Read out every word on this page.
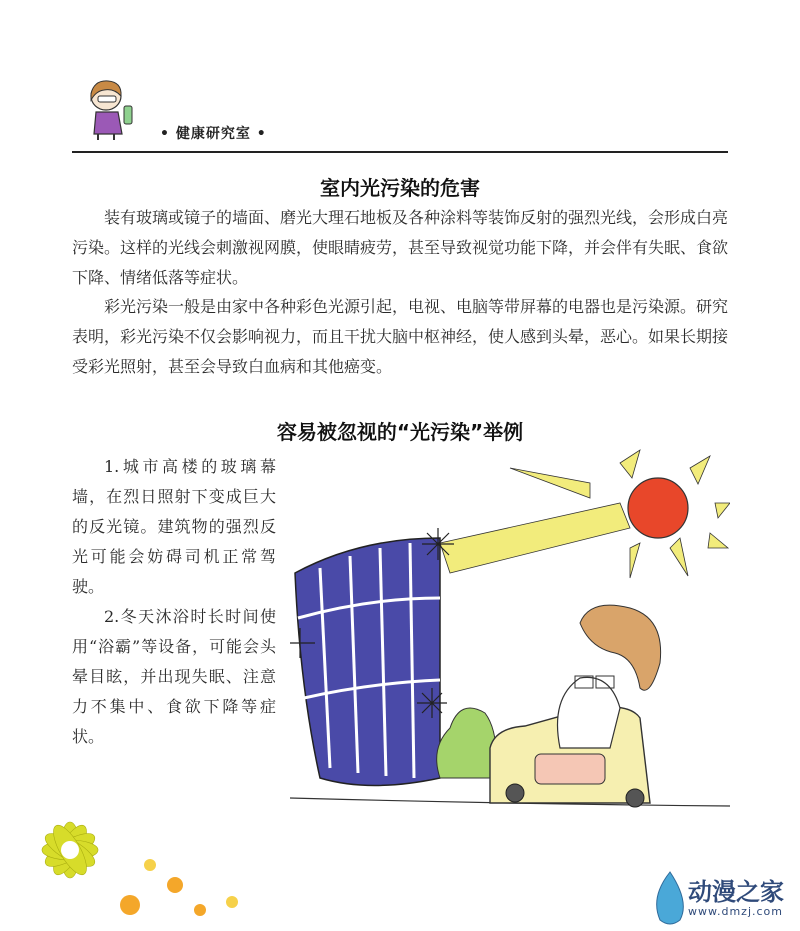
• 健康研究室 •
室内光污染的危害
装有玻璃或镜子的墙面、磨光大理石地板及各种涂料等装饰反射的强烈光线，会形成白亮污染。这样的光线会刺激视网膜，使眼睛疲劳，甚至导致视觉功能下降，并会伴有失眠、食欲下降、情绪低落等症状。
彩光污染一般是由家中各种彩色光源引起，电视、电脑等带屏幕的电器也是污染源。研究表明，彩光污染不仅会影响视力，而且干扰大脑中枢神经，使人感到头晕，恶心。如果长期接受彩光照射，甚至会导致白血病和其他癌变。
容易被忽视的“光污染”举例
1.城市高楼的玻璃幕墙，在烈日照射下变成巨大的反光镜。建筑物的强烈反光可能会妨碍司机正常驾驶。
2.冬天沐浴时长时间使用“浴霸”等设备，可能会头晕目眩，并出现失眠、注意力不集中、食欲下降等症状。
动漫之家
www.dmzj.com
